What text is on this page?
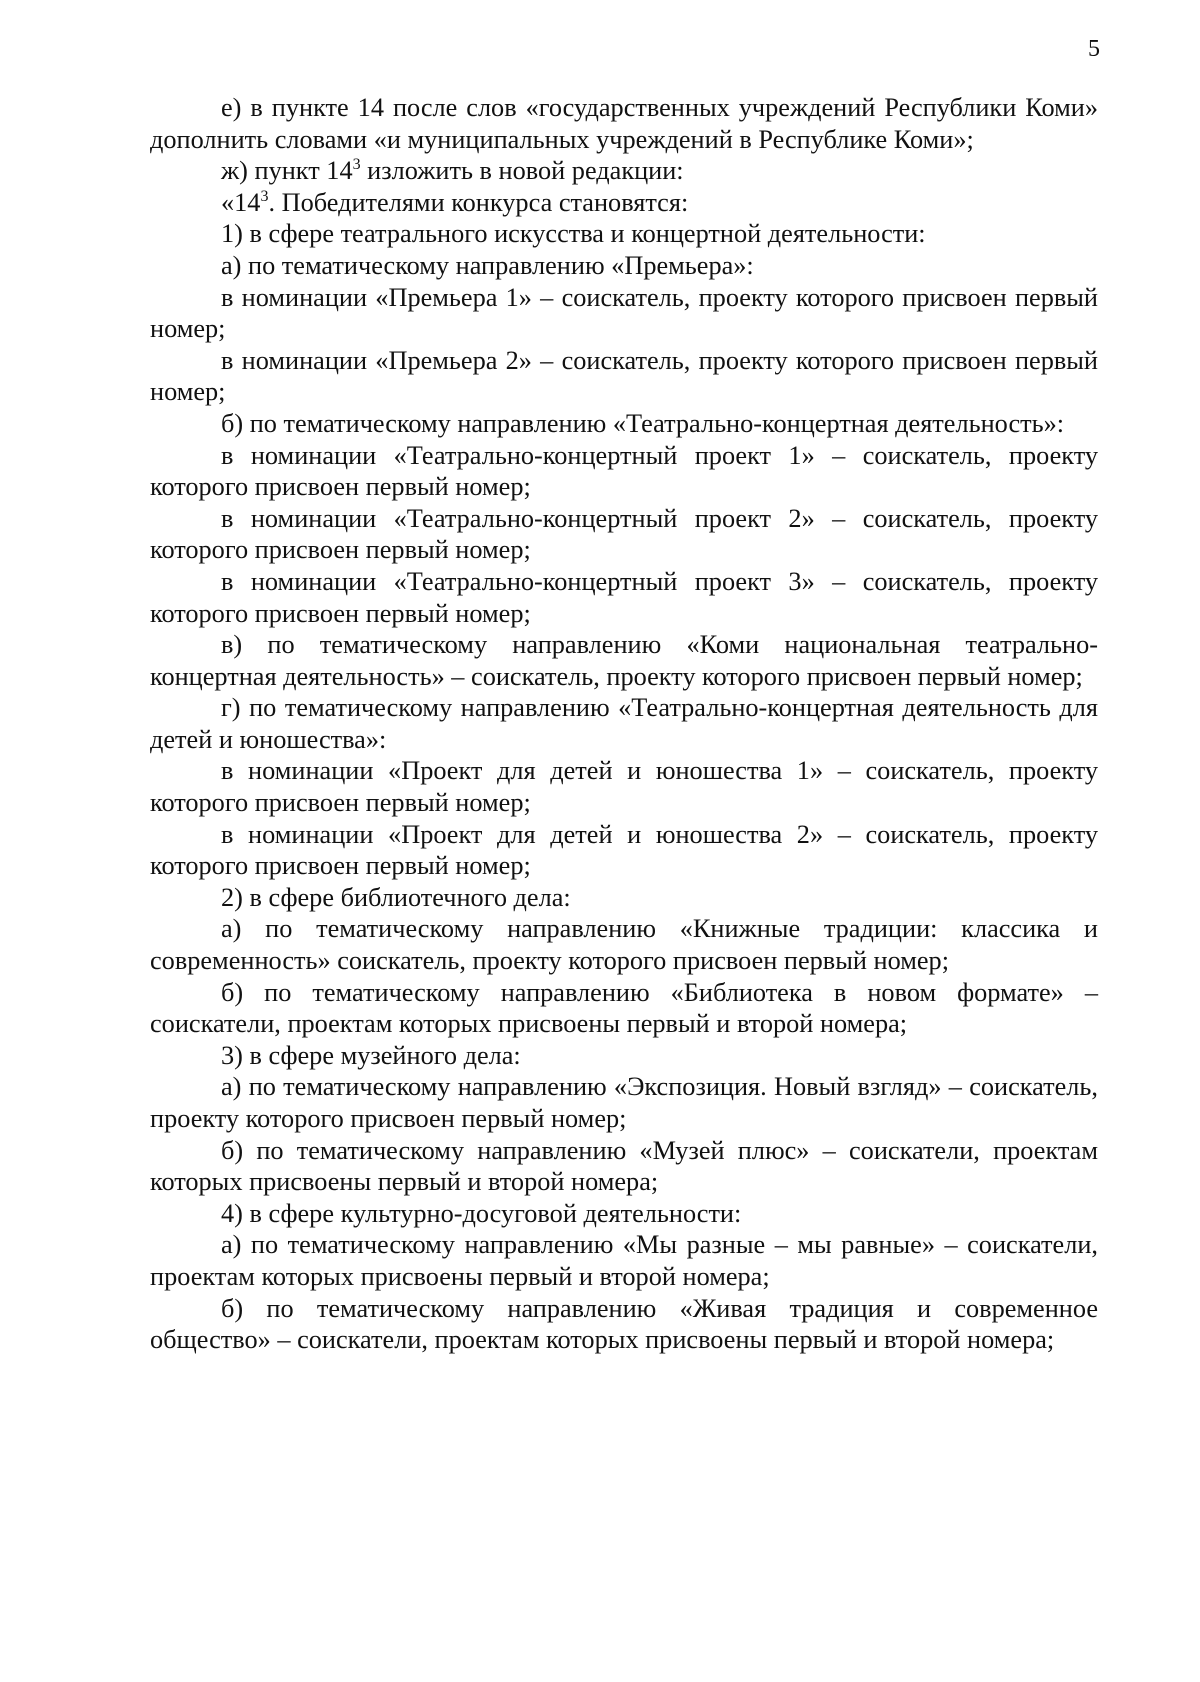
5

е) в пункте 14 после слов «государственных учреждений Республики Коми» дополнить словами «и муниципальных учреждений в Республике Коми»;

ж) пункт $14^3$ изложить в новой редакции:

«$14^3$. Победителями конкурса становятся:

1) в сфере театрального искусства и концертной деятельности:

а) по тематическому направлению «Премьера»:

в номинации «Премьера 1» – соискатель, проекту которого присвоен первый номер;

в номинации «Премьера 2» – соискатель, проекту которого присвоен первый номер;

б) по тематическому направлению «Театрально-концертная деятельность»:

в номинации «Театрально-концертный проект 1» – соискатель, проекту которого присвоен первый номер;

в номинации «Театрально-концертный проект 2» – соискатель, проекту которого присвоен первый номер;

в номинации «Театрально-концертный проект 3» – соискатель, проекту которого присвоен первый номер;

в) по тематическому направлению «Коми национальная театрально-концертная деятельность» – соискатель, проекту которого присвоен первый номер;

г) по тематическому направлению «Театрально-концертная деятельность для детей и юношества»:

в номинации «Проект для детей и юношества 1» – соискатель, проекту которого присвоен первый номер;

в номинации «Проект для детей и юношества 2» – соискатель, проекту которого присвоен первый номер;

2) в сфере библиотечного дела:

а) по тематическому направлению «Книжные традиции: классика и современность» соискатель, проекту которого присвоен первый номер;

б) по тематическому направлению «Библиотека в новом формате» – соискатели, проектам которых присвоены первый и второй номера;

3) в сфере музейного дела:

а) по тематическому направлению «Экспозиция. Новый взгляд» – соискатель, проекту которого присвоен первый номер;

б) по тематическому направлению «Музей плюс» – соискатели, проектам которых присвоены первый и второй номера;

4) в сфере культурно-досуговой деятельности:

а) по тематическому направлению «Мы разные – мы равные» – соискатели, проектам которых присвоены первый и второй номера;

б) по тематическому направлению «Живая традиция и современное общество» – соискатели, проектам которых присвоены первый и второй номера;
